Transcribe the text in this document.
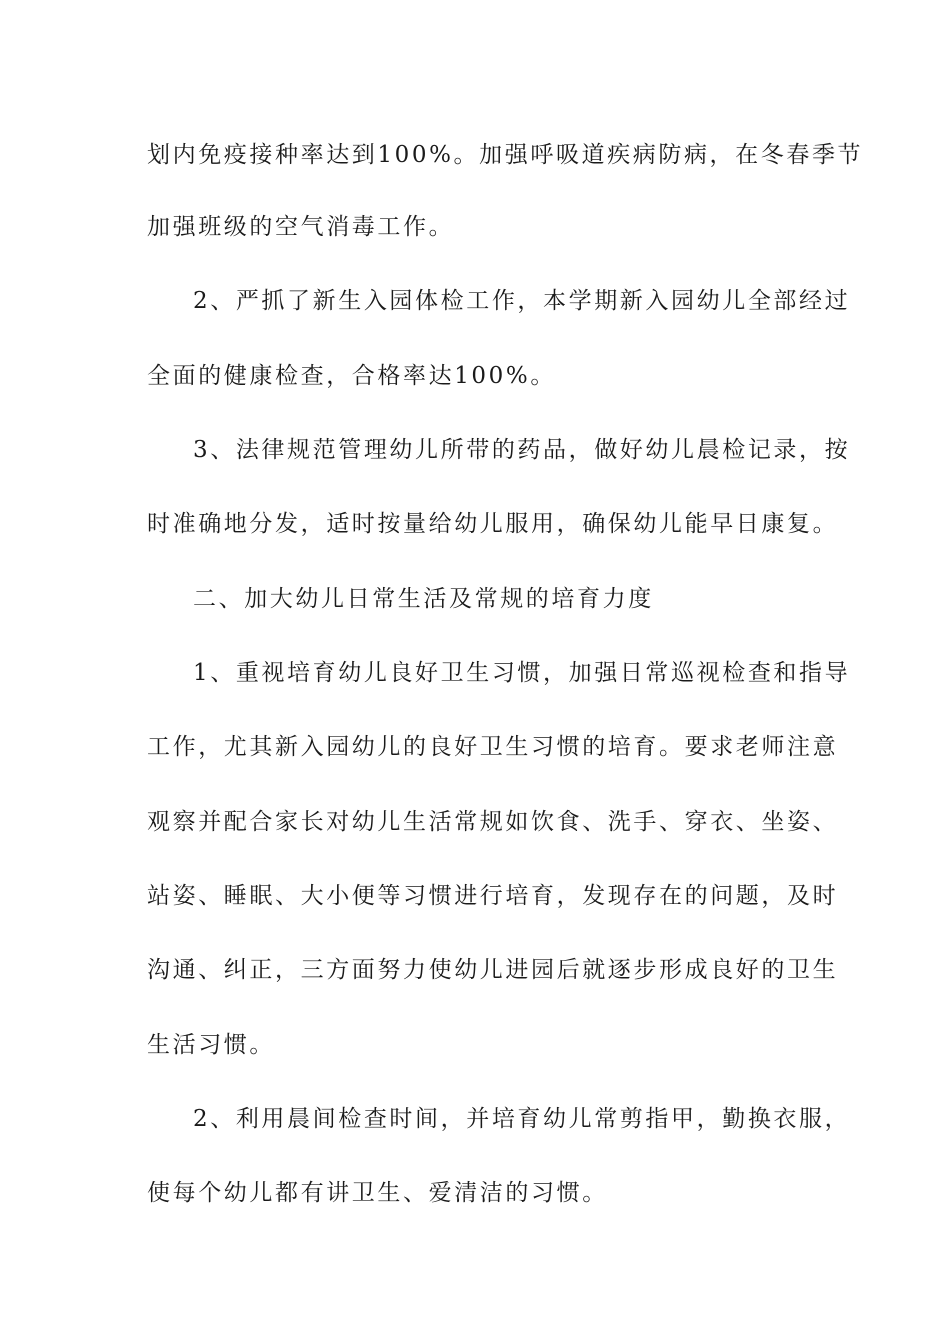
划内免疫接种率达到100%。加强呼吸道疾病防病，在冬春季节
加强班级的空气消毒工作。
2、严抓了新生入园体检工作，本学期新入园幼儿全部经过
全面的健康检查，合格率达100%。
3、法律规范管理幼儿所带的药品，做好幼儿晨检记录，按
时准确地分发，适时按量给幼儿服用，确保幼儿能早日康复。
二、加大幼儿日常生活及常规的培育力度
1、重视培育幼儿良好卫生习惯，加强日常巡视检查和指导
工作，尤其新入园幼儿的良好卫生习惯的培育。要求老师注意
观察并配合家长对幼儿生活常规如饮食、洗手、穿衣、坐姿、
站姿、睡眠、大小便等习惯进行培育，发现存在的问题，及时
沟通、纠正，三方面努力使幼儿进园后就逐步形成良好的卫生
生活习惯。
2、利用晨间检查时间，并培育幼儿常剪指甲，勤换衣服，
使每个幼儿都有讲卫生、爱清洁的习惯。
